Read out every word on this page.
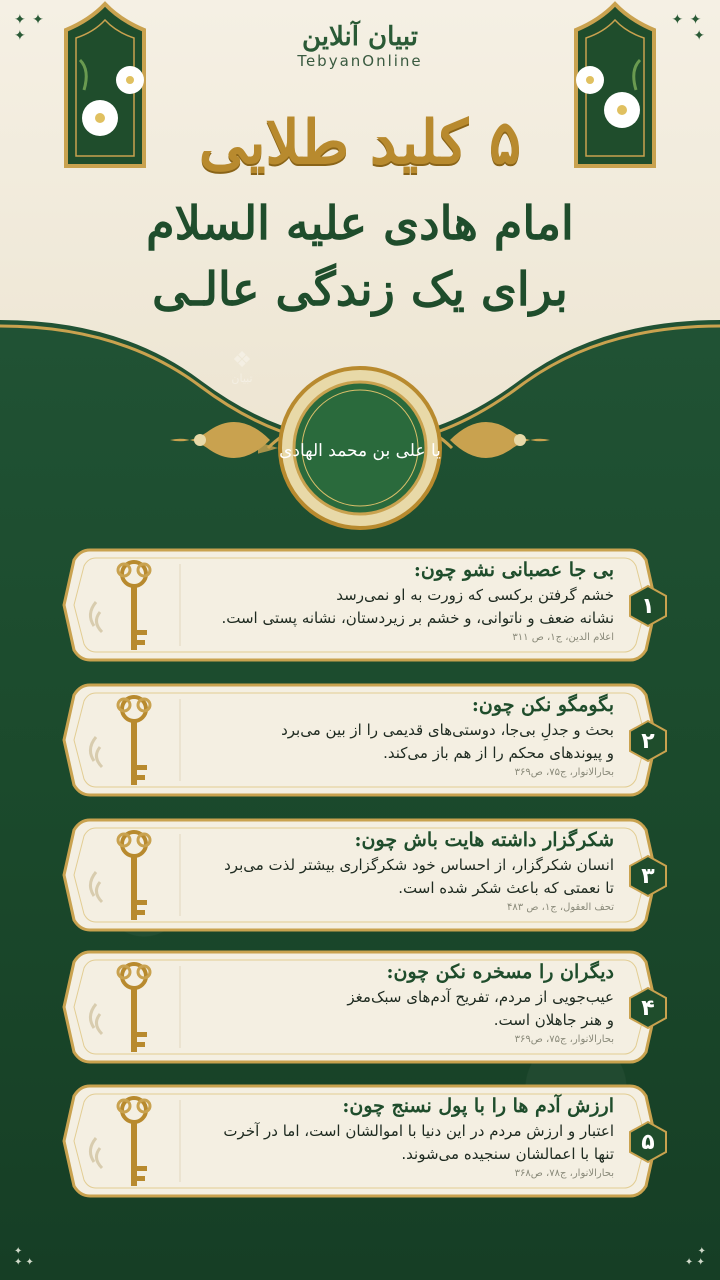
✦ ✦
✦
✦ ✦
✦
تبیان آنلاین
TebyanOnline
۵ کلید طلایی
امام هادی علیه السلام
برای یک زندگی عالـی
❖
تبیان
یا علی بن محمد الهادی
بی جا عصبانی نشو چون:
خشم گرفتن برکسی که زورت به او نمی‌رسد
نشانه ضعف و ناتوانی، و خشم بر زیردستان، نشانه پستی است.
اعلام الدین، ج۱، ص ۳۱۱
۱
بگومگو نکن چون:
بحث و جدلِ بی‌جا، دوستی‌های قدیمی را از بین می‌برد
و پیوندهای محکم را از هم باز می‌کند.
بحارالانوار، ج۷۵، ص۳۶۹
۲
شکرگزار داشته هایت باش چون:
انسان شکرگزار، از احساس خود شکرگزاری بیشتر لذت می‌برد
تا نعمتی که باعث شکر شده است.
تحف العقول، ج۱، ص ۴۸۳
۳
دیگران را مسخره نکن چون:
عیب‌جویی از مردم، تفریح آدم‌های سبک‌مغز
و هنر جاهلان است.
بحارالانوار، ج۷۵، ص۳۶۹
۴
ارزش آدم ها را با پول نسنج چون:
اعتبار و ارزش مردم در این دنیا با اموالشان است، اما در آخرت
تنها با اعمالشان سنجیده می‌شوند.
بحارالانوار، ج۷۸، ص۳۶۸
۵
✦
✦ ✦
✦
✦ ✦
